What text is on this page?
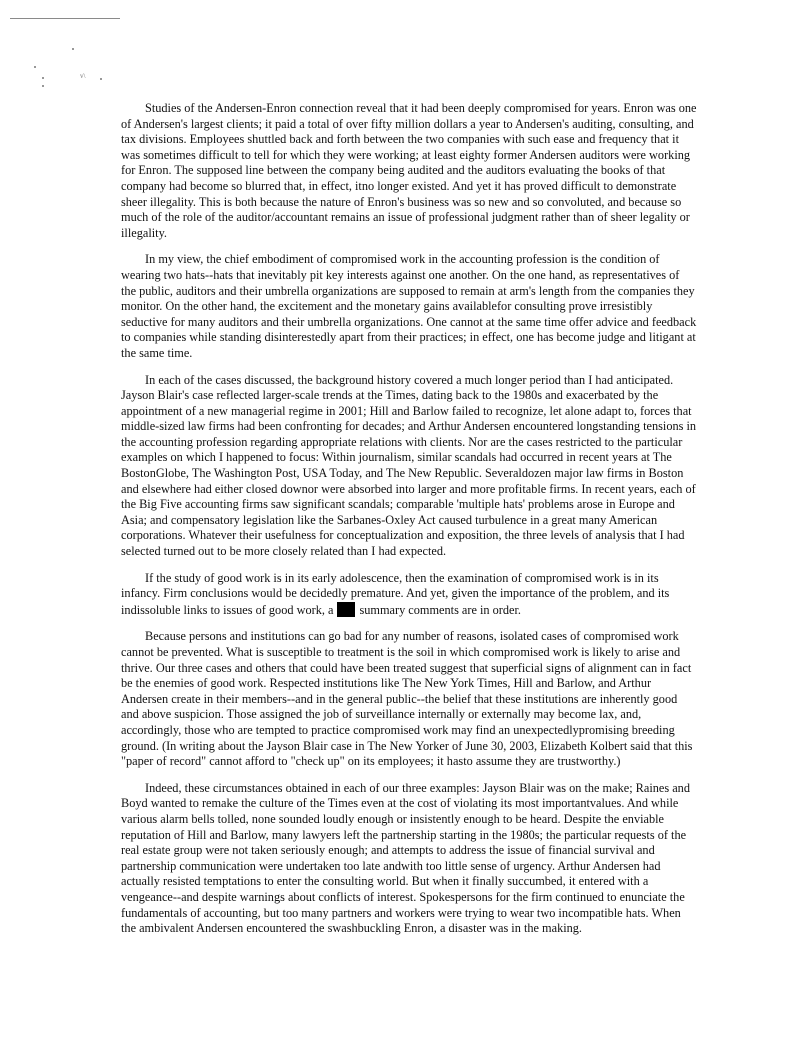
v\

Studies of the Andersen-Enron connection reveal that it had been deeply compromised for years. Enron was one of Andersen's largest clients; it paid a total of over fifty million dollars a year to Andersen's auditing, consulting, and tax divisions. Employees shuttled back and forth between the two companies with such ease and frequency that it was sometimes difficult to tell for which they were working; at least eighty former Andersen auditors were working for Enron. The supposed line between the company being audited and the auditors evaluating the books of that company had become so blurred that, in effect, itno longer existed. And yet it has proved difficult to demonstrate sheer illegality. This is both because the nature of Enron's business was so new and so convoluted, and because so much of the role of the auditor/accountant remains an issue of professional judgment rather than of sheer legality or illegality.

In my view, the chief embodiment of compromised work in the accounting profession is the condition of wearing two hats--hats that inevitably pit key interests against one another. On the one hand, as representatives of the public, auditors and their umbrella organizations are supposed to remain at arm's length from the companies they monitor. On the other hand, the excitement and the monetary gains availablefor consulting prove irresistibly seductive for many auditors and their umbrella organizations. One cannot at the same time offer advice and feedback to companies while standing disinterestedly apart from their practices; in effect, one has become judge and litigant at the same time.

In each of the cases discussed, the background history covered a much longer period than I had anticipated. Jayson Blair's case reflected larger-scale trends at the Times, dating back to the 1980s and exacerbated by the appointment of a new managerial regime in 2001; Hill and Barlow failed to recognize, let alone adapt to, forces that middle-sized law firms had been confronting for decades; and Arthur Andersen encountered longstanding tensions in the accounting profession regarding appropriate relations with clients. Nor are the cases restricted to the particular examples on which I happened to focus: Within journalism, similar scandals had occurred in recent years at The BostonGlobe, The Washington Post, USA Today, and The New Republic. Severaldozen major law firms in Boston and elsewhere had either closed downor were absorbed into larger and more profitable firms. In recent years, each of the Big Five accounting firms saw significant scandals; comparable 'multiple hats' problems arose in Europe and Asia; and compensatory legislation like the Sarbanes-Oxley Act caused turbulence in a great many American corporations. Whatever their usefulness for conceptualization and exposition, the three levels of analysis that I had selected turned out to be more closely related than I had expected.

If the study of good work is in its early adolescence, then the examination of compromised work is in its infancy. Firm conclusions would be decidedly premature. And yet, given the importance of the problem, and its indissoluble links to issues of good work, a summary comments are in order.

Because persons and institutions can go bad for any number of reasons, isolated cases of compromised work cannot be prevented. What is susceptible to treatment is the soil in which compromised work is likely to arise and thrive. Our three cases and others that could have been treated suggest that superficial signs of alignment can in fact be the enemies of good work. Respected institutions like The New York Times, Hill and Barlow, and Arthur Andersen create in their members--and in the general public--the belief that these institutions are inherently good and above suspicion. Those assigned the job of surveillance internally or externally may become lax, and, accordingly, those who are tempted to practice compromised work may find an unexpectedlypromising breeding ground. (In writing about the Jayson Blair case in The New Yorker of June 30, 2003, Elizabeth Kolbert said that this "paper of record" cannot afford to "check up" on its employees; it hasto assume they are trustworthy.)

Indeed, these circumstances obtained in each of our three examples: Jayson Blair was on the make; Raines and Boyd wanted to remake the culture of the Times even at the cost of violating its most importantvalues. And while various alarm bells tolled, none sounded loudly enough or insistently enough to be heard. Despite the enviable reputation of Hill and Barlow, many lawyers left the partnership starting in the 1980s; the particular requests of the real estate group were not taken seriously enough; and attempts to address the issue of financial survival and partnership communication were undertaken too late andwith too little sense of urgency. Arthur Andersen had actually resisted temptations to enter the consulting world. But when it finally succumbed, it entered with a vengeance--and despite warnings about conflicts of interest. Spokespersons for the firm continued to enunciate the fundamentals of accounting, but too many partners and workers were trying to wear two incompatible hats. When the ambivalent Andersen encountered the swashbuckling Enron, a disaster was in the making.
